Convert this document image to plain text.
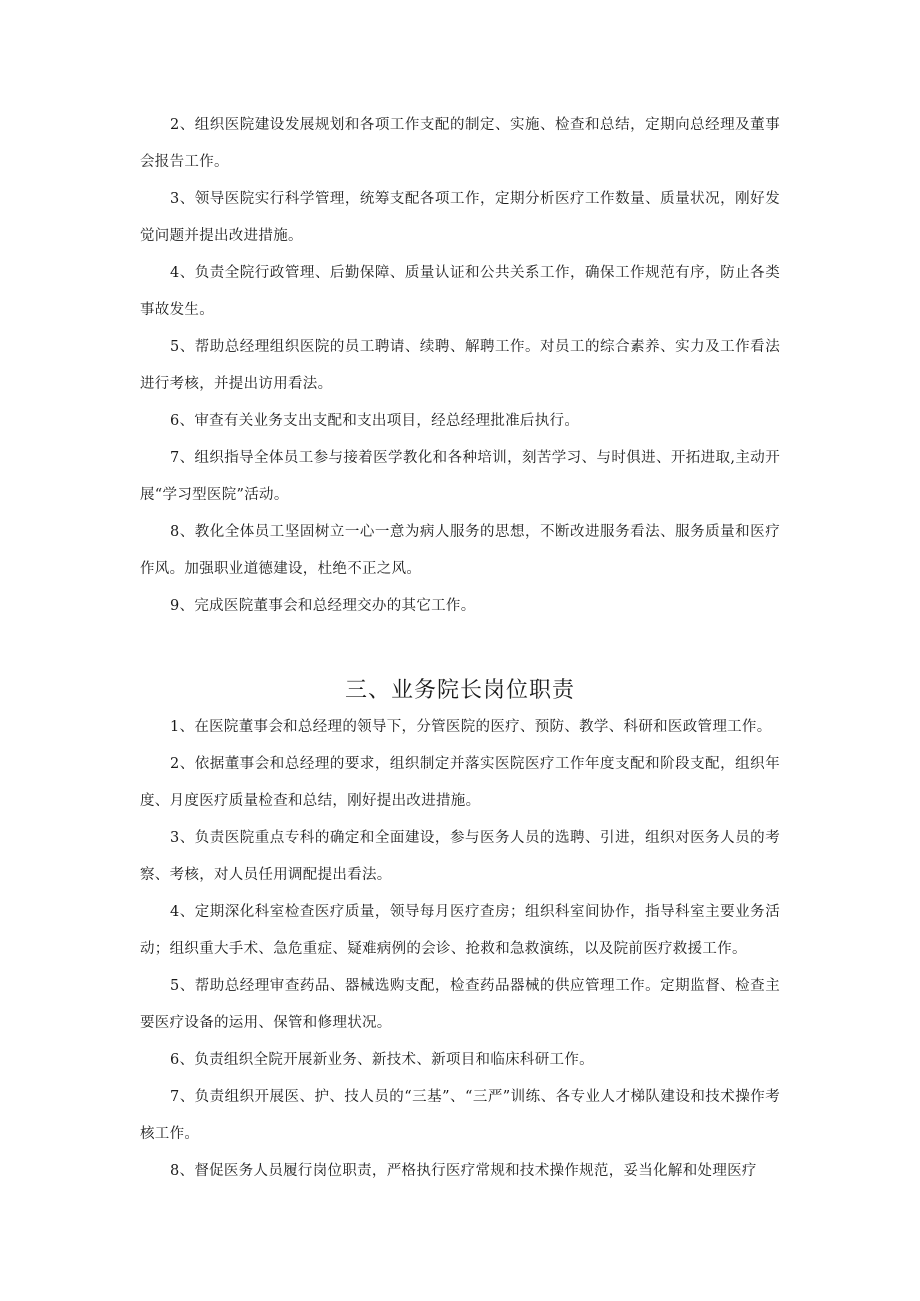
2、组织医院建设发展规划和各项工作支配的制定、实施、检查和总结，定期向总经理及董事会报告工作。

3、领导医院实行科学管理，统筹支配各项工作，定期分析医疗工作数量、质量状况，刚好发觉问题并提出改进措施。

4、负责全院行政管理、后勤保障、质量认证和公共关系工作，确保工作规范有序，防止各类事故发生。

5、帮助总经理组织医院的员工聘请、续聘、解聘工作。对员工的综合素养、实力及工作看法进行考核，并提出访用看法。

6、审查有关业务支出支配和支出项目，经总经理批准后执行。

7、组织指导全体员工参与接着医学教化和各种培训，刻苦学习、与时俱进、开拓进取,主动开展“学习型医院”活动。

8、教化全体员工坚固树立一心一意为病人服务的思想，不断改进服务看法、服务质量和医疗作风。加强职业道德建设，杜绝不正之风。

9、完成医院董事会和总经理交办的其它工作。

三、业务院长岗位职责

1、在医院董事会和总经理的领导下，分管医院的医疗、预防、教学、科研和医政管理工作。

2、依据董事会和总经理的要求，组织制定并落实医院医疗工作年度支配和阶段支配，组织年度、月度医疗质量检查和总结，刚好提出改进措施。

3、负责医院重点专科的确定和全面建设，参与医务人员的选聘、引进，组织对医务人员的考察、考核，对人员任用调配提出看法。

4、定期深化科室检查医疗质量，领导每月医疗查房；组织科室间协作，指导科室主要业务活动；组织重大手术、急危重症、疑难病例的会诊、抢救和急救演练，以及院前医疗救援工作。

5、帮助总经理审查药品、器械选购支配，检查药品器械的供应管理工作。定期监督、检查主要医疗设备的运用、保管和修理状况。

6、负责组织全院开展新业务、新技术、新项目和临床科研工作。

7、负责组织开展医、护、技人员的“三基”、“三严”训练、各专业人才梯队建设和技术操作考核工作。

8、督促医务人员履行岗位职责，严格执行医疗常规和技术操作规范，妥当化解和处理医疗
